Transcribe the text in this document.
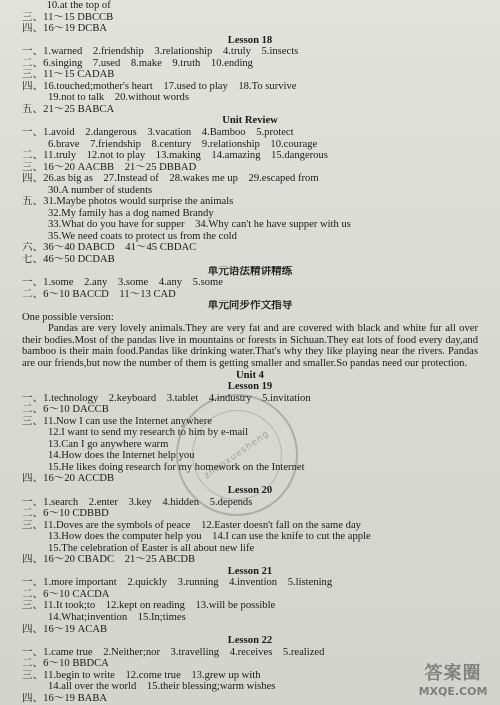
　10.at the top of
三、11～15 DBCCB
四、16～19 DCBA
Lesson 18
一、1.warned　2.friendship　3.relationship　4.truly　5.insects
二、6.singing　7.used　8.make　9.truth　10.ending
三、11～15 CADAB
四、16.touched;mother's heart　17.used to play　18.To survive
19.not to talk　20.without words
五、21～25 BABCA
Unit Review
一、1.avoid　2.dangerous　3.vacation　4.Bamboo　5.protect
6.brave　7.friendship　8.century　9.relationship　10.courage
二、11.truly　12.not to play　13.making　14.amazing　15.dangerous
三、16～20 AACBB　21～25 DBBAD
四、26.as big as　27.Instead of　28.wakes me up　29.escaped from
30.A number of students
五、31.Maybe photos would surprise the animals
32.My family has a dog named Brandy
33.What do you have for supper　34.Why can't he have supper with us
35.We need coats to protect us from the cold
六、36～40 DABCD　41～45 CBDAC
七、46～50 DCDAB
单元语法精讲精练
一、1.some　2.any　3.some　4.any　5.some
二、6～10 BACCD　11～13 CAD
单元同步作文指导

One possible version:

Pandas are very lovely animals.They are very fat and are covered with black and white fur all over their bodies.Most of the pandas live in mountains or forests in Sichuan.They eat lots of food every day,and bamboo is their main food.Pandas like drinking water.That's why they like playing near the rivers. Pandas are our friends,but now the number of them is getting smaller and smaller.So pandas need our protection.

Unit 4
Lesson 19
一、1.technology　2.keyboard　3.tablet　4.industry　5.invitation
二、6～10 DACCB
三、11.Now I can use the Internet anywhere
12.I want to send my research to him by e-mail
13.Can I go anywhere warm
14.How does the Internet help you
15.He likes doing research for my homework on the Internet
四、16～20 ACCDB
Lesson 20
一、1.search　2.enter　3.key　4.hidden　5.depends
二、6～10 CDBBD
三、11.Doves are the symbols of peace　12.Easter doesn't fall on the same day
13.How does the computer help you　14.I can use the knife to cut the apple
15.The celebration of Easter is all about new life
四、16～20 CBADC　21～25 ABCDB
Lesson 21
一、1.more important　2.quickly　3.running　4.invention　5.listening
二、6～10 CACDA
三、11.It took;to　12.kept on reading　13.will be possible
14.What;invention　15.In;times
四、16～19 ACAB
Lesson 22
一、1.came true　2.Neither;nor　3.travelling　4.receives　5.realized
二、6～10 BBDCA
三、11.begin to write　12.come true　13.grew up with
14.all over the world　15.their blessing;warm wishes
四、16～19 BABA
zhaoxuesheng
答案圈
MXQE.COM
